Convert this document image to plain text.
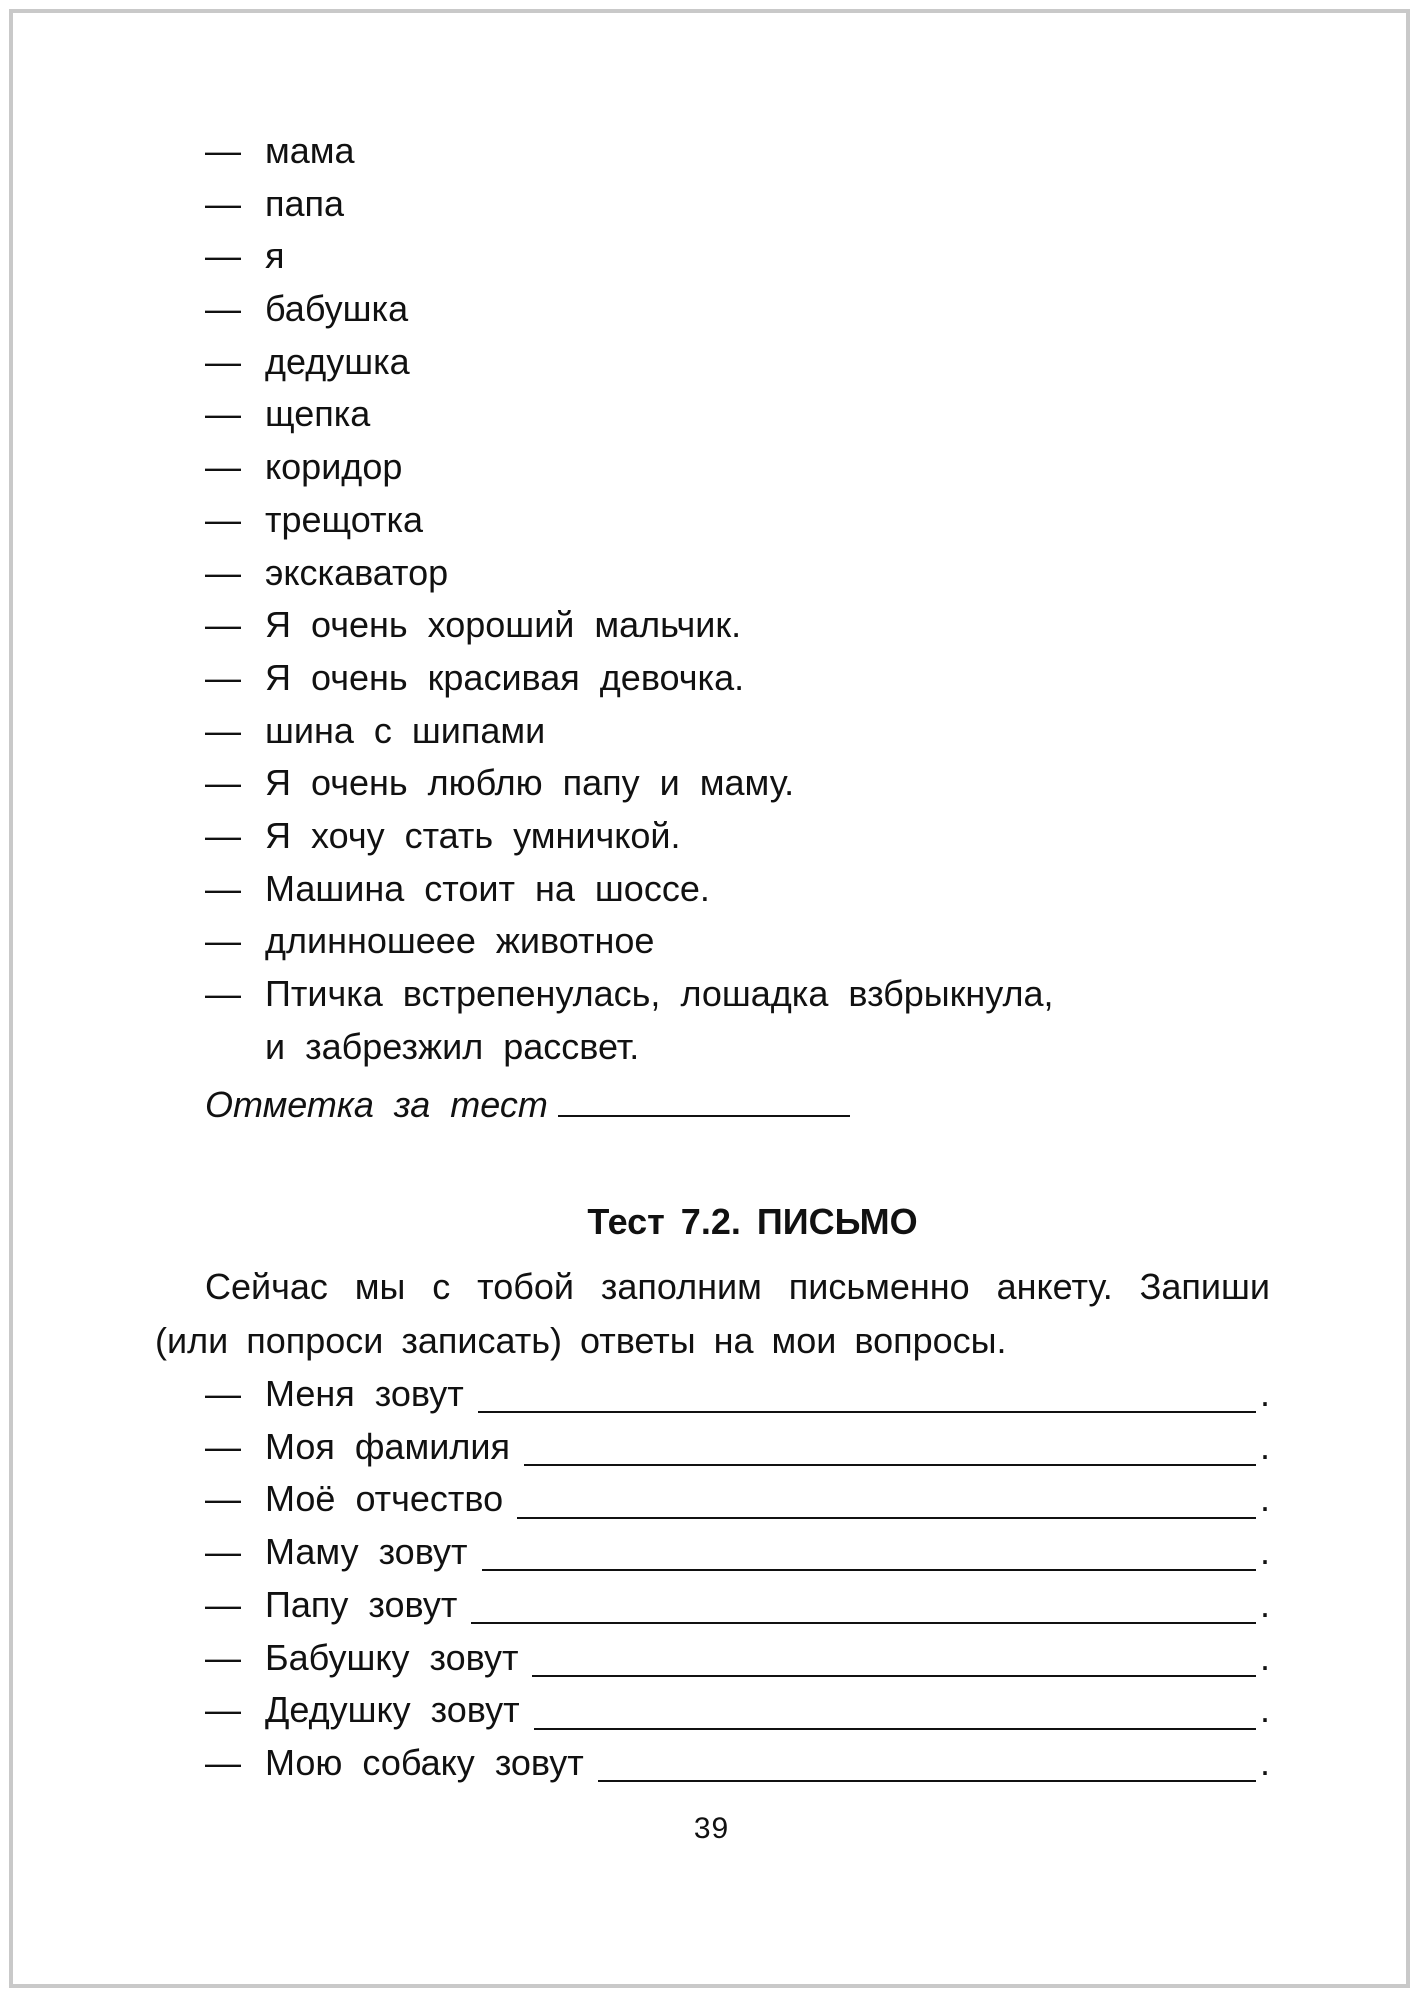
— мама
— папа
— я
— бабушка
— дедушка
— щепка
— коридор
— трещотка
— экскаватор
— Я очень хороший мальчик.
— Я очень красивая девочка.
— шина с шипами
— Я очень люблю папу и маму.
— Я хочу стать умничкой.
— Машина стоит на шоссе.
— длинношеее животное
— Птичка встрепенулась, лошадка взбрыкнула,
и забрезжил рассвет.
Отметка за тест
Тест 7.2. ПИСЬМО
Сейчас мы с тобой заполним письменно анкету. Запиши
(или попроси записать) ответы на мои вопросы.
— Меня зовут	.
— Моя фамилия	.
— Моё отчество	.
— Маму зовут	.
— Папу зовут	.
— Бабушку зовут	.
— Дедушку зовут	.
— Мою собаку зовут	.
39
